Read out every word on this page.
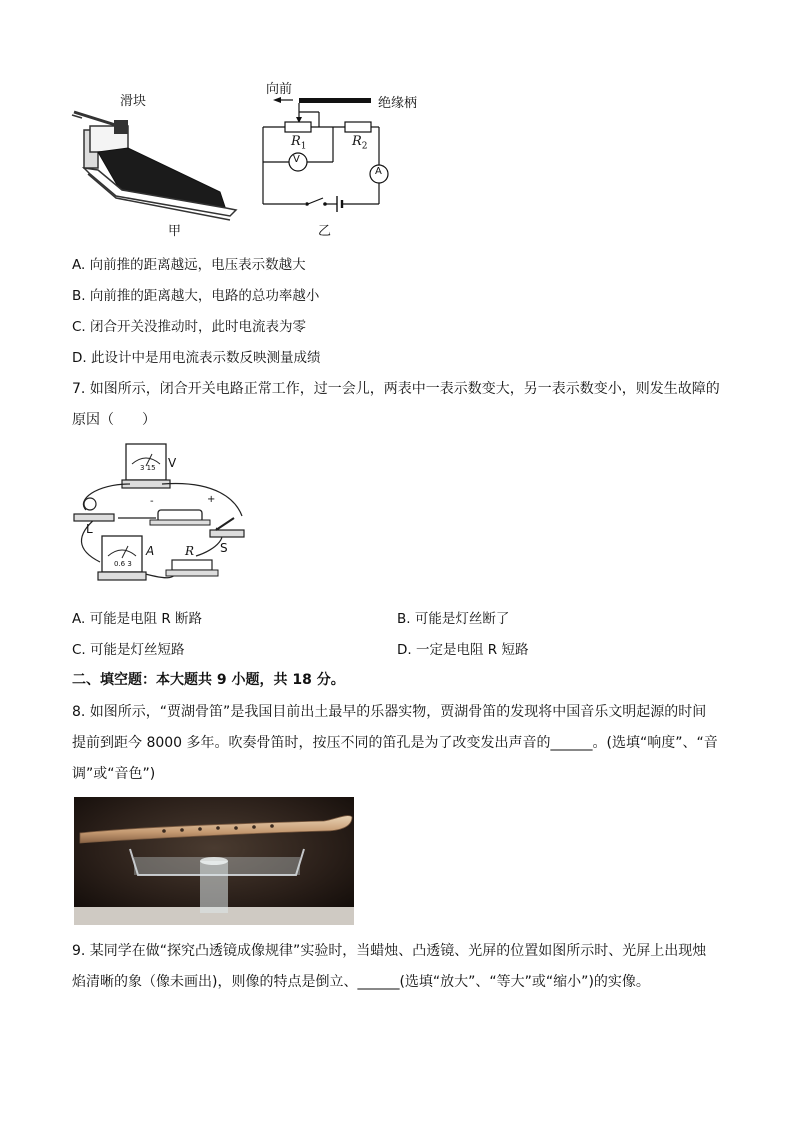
滑块
甲
向前
绝缘柄
$R_1$	$R_2$
V
A
乙
A. 向前推的距离越远，电压表示数越大
B. 向前推的距离越大，电路的总功率越小
C. 闭合开关没推动时，此时电流表为零
D. 此设计中是用电流表示数反映测量成绩
7. 如图所示，闭合开关电路正常工作，过一会儿，两表中一表示数变大，另一表示数变小，则发生故障的
原因（　　）
V
3 15
L
A
0.6 3
R S
+
-
A. 可能是电阻 R 断路	B. 可能是灯丝断了
C. 可能是灯丝短路	D. 一定是电阻 R 短路
二、填空题：本大题共 9 小题，共 18 分。
8. 如图所示，“贾湖骨笛”是我国目前出土最早的乐器实物，贾湖骨笛的发现将中国音乐文明起源的时间
提前到距今 8000 多年。吹奏骨笛时，按压不同的笛孔是为了改变发出声音的______。(选填“响度”、“音
调”或“音色”)
9. 某同学在做“探究凸透镜成像规律”实验时，当蜡烛、凸透镜、光屏的位置如图所示时、光屏上出现烛
焰清晰的象（像未画出)，则像的特点是倒立、______(选填“放大”、“等大”或“缩小”)的实像。
